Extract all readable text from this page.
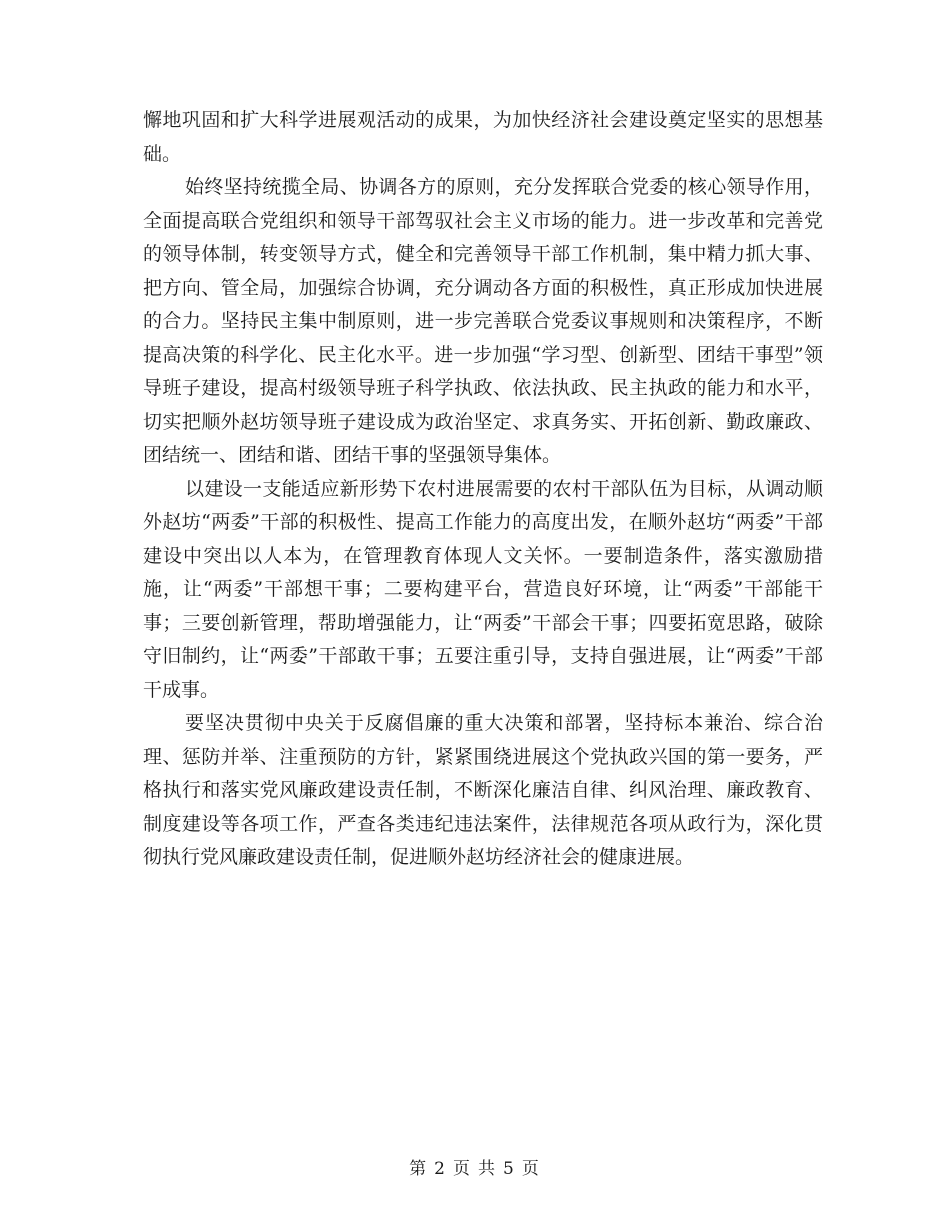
懈地巩固和扩大科学进展观活动的成果，为加快经济社会建设奠定坚实的思想基础。

始终坚持统揽全局、协调各方的原则，充分发挥联合党委的核心领导作用，全面提高联合党组织和领导干部驾驭社会主义市场的能力。进一步改革和完善党的领导体制，转变领导方式，健全和完善领导干部工作机制，集中精力抓大事、把方向、管全局，加强综合协调，充分调动各方面的积极性，真正形成加快进展的合力。坚持民主集中制原则，进一步完善联合党委议事规则和决策程序，不断提高决策的科学化、民主化水平。进一步加强“学习型、创新型、团结干事型”领导班子建设，提高村级领导班子科学执政、依法执政、民主执政的能力和水平，切实把顺外赵坊领导班子建设成为政治坚定、求真务实、开拓创新、勤政廉政、团结统一、团结和谐、团结干事的坚强领导集体。

以建设一支能适应新形势下农村进展需要的农村干部队伍为目标，从调动顺外赵坊“两委”干部的积极性、提高工作能力的高度出发，在顺外赵坊“两委”干部建设中突出以人本为，在管理教育体现人文关怀。一要制造条件，落实激励措施，让“两委”干部想干事；二要构建平台，营造良好环境，让“两委”干部能干事；三要创新管理，帮助增强能力，让“两委”干部会干事；四要拓宽思路，破除守旧制约，让“两委”干部敢干事；五要注重引导，支持自强进展，让“两委”干部干成事。

要坚决贯彻中央关于反腐倡廉的重大决策和部署，坚持标本兼治、综合治理、惩防并举、注重预防的方针，紧紧围绕进展这个党执政兴国的第一要务，严格执行和落实党风廉政建设责任制，不断深化廉洁自律、纠风治理、廉政教育、制度建设等各项工作，严查各类违纪违法案件，法律规范各项从政行为，深化贯彻执行党风廉政建设责任制，促进顺外赵坊经济社会的健康进展。

第 2 页 共 5 页
